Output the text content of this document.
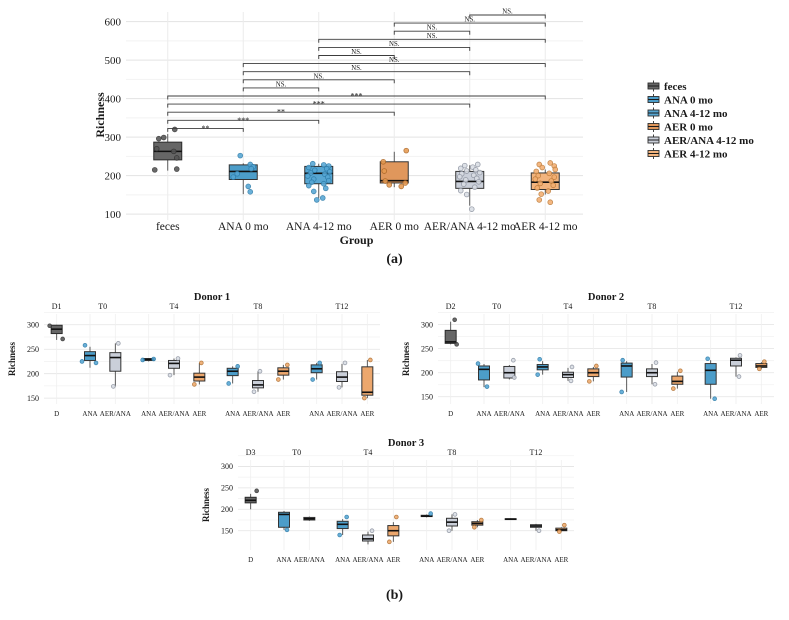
Richness
100
200
300
400
500
600
feces	ANA 0 mo ANA 4-12 mo AER 0 mo AER/ANA 4-12 mo
AER 4-12 mo
Group
NS.
NS.
NS.
NS.
NS.
NS.
NS.
NS.
NS.
NS.
***
***
**
***
**
feces
ANA 0 mo
ANA 4-12 mo
AER 0 mo
AER/ANA 4-12 mo
AER 4-12 mo
(a)
Donor 1
Richness
150
200
250
300
D1
D
T0
ANA AER/ANA
T4
ANA AER/ANA AER
T8
ANA AER/ANA AER
T12
ANA AER/ANA AER
Donor 2
Richness
150
200
250
300
D2
D
T0
ANA AER/ANA
T4
ANA AER/ANA AER
T8
ANA AER/ANA AER
T12
ANA AER/ANA AER
Donor 3
Richness
150
200
250
300
D3
D
T0
ANA AER/ANA
T4
ANA AER/ANA AER
T8
ANA AER/ANA AER
T12
ANA AER/ANA AER
(b)
